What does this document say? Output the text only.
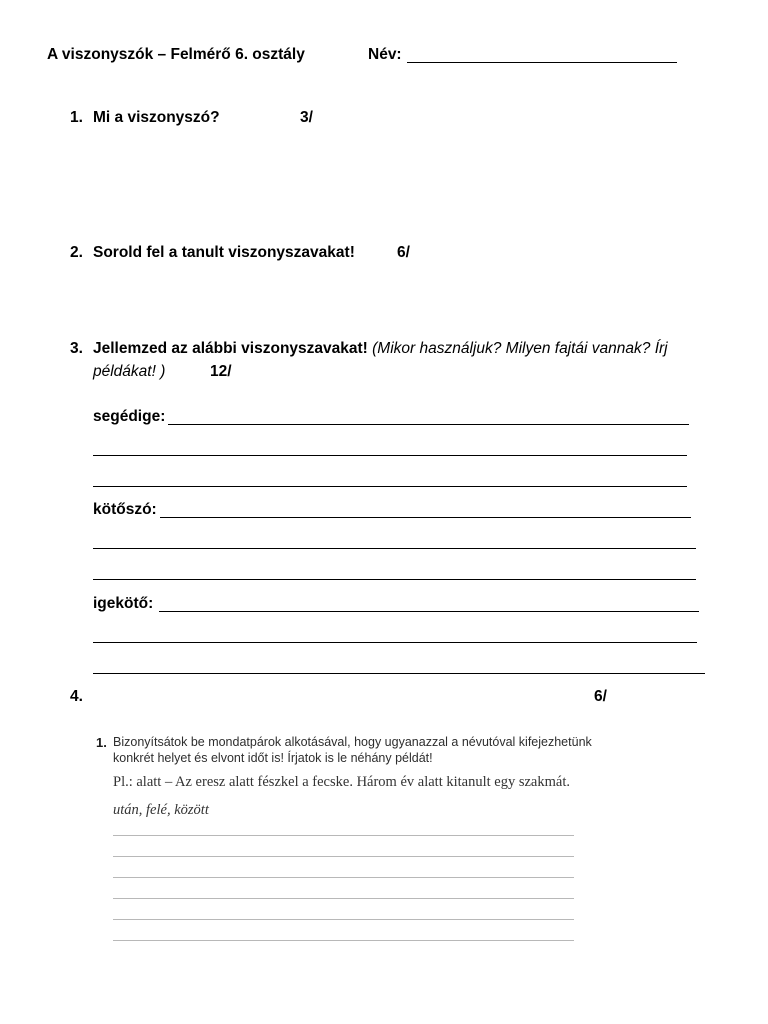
A viszonyszók – Felmérő 6. osztály	Név:
1. Mi a viszonyszó?	3/
2. Sorold fel a tanult viszonyszavakat!	6/
3. Jellemzed az alábbi viszonyszavakat! (Mikor használjuk? Milyen fajtái vannak? Írj
példákat! )	12/
segédige:
kötőszó:
igekötő:
4.	6/
1. Bizonyítsátok be mondatpárok alkotásával, hogy ugyanazzal a névutóval kifejezhetünk
konkrét helyet és elvont időt is! Írjatok is le néhány példát!
Pl.: alatt – Az eresz alatt fészkel a fecske. Három év alatt kitanult egy szakmát.
után, felé, között
